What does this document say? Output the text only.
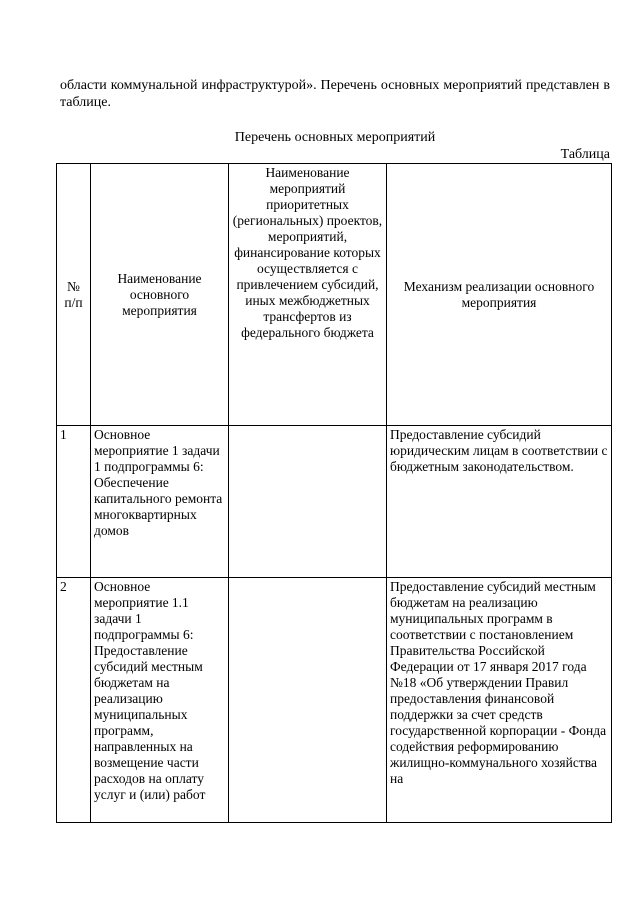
области коммунальной инфраструктурой». Перечень основных мероприятий представлен в таблице.
Перечень основных мероприятий
Таблица
№ п/п	Наименование основного мероприятия	Наименование мероприятий приоритетных (региональных) проектов, мероприятий, финансирование которых осуществляется с привлечением субсидий, иных межбюджетных трансфертов из федерального бюджета	Механизм реализации основного мероприятия
1	Основное мероприятие 1 задачи 1 подпрограммы 6: Обеспечение капитального ремонта многоквартирных домов		Предоставление субсидий юридическим лицам в соответствии с бюджетным законодательством.
2	Основное мероприятие 1.1 задачи 1 подпрограммы 6: Предоставление субсидий местным бюджетам на реализацию муниципальных программ, направленных на возмещение части расходов на оплату услуг и (или) работ		Предоставление субсидий местным бюджетам на реализацию муниципальных программ в соответствии с постановлением Правительства Российской Федерации от 17 января 2017 года №18 «Об утверждении Правил предоставления финансовой поддержки за счет средств государственной корпорации - Фонда содействия реформированию жилищно-коммунального хозяйства на
